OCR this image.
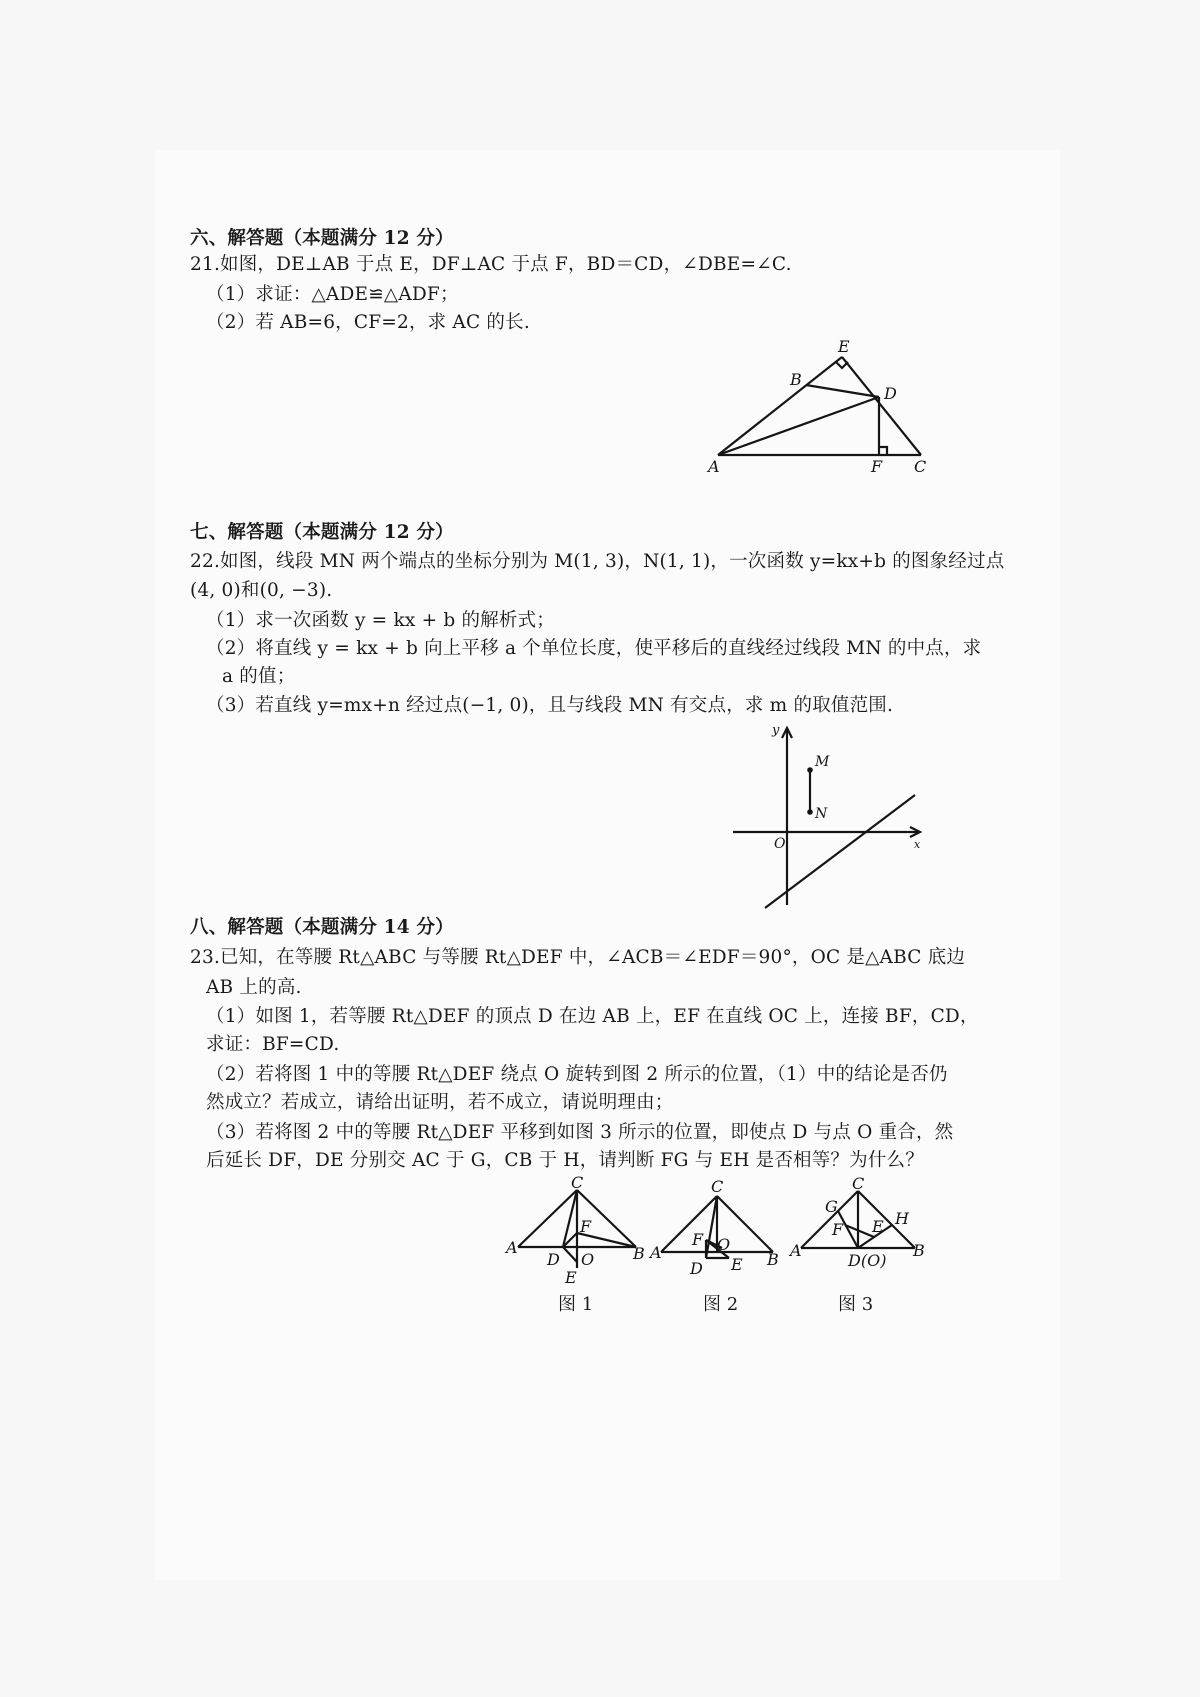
六、解答题（本题满分 12 分）
21.如图，DE⊥AB 于点 E，DF⊥AC 于点 F，BD＝CD，∠DBE=∠C.
（1）求证：△ADE≌△ADF；
（2）若 AB=6，CF=2，求 AC 的长.
E
B
D
A	F C
七、解答题（本题满分 12 分）
22.如图，线段 MN 两个端点的坐标分别为 M(1, 3)，N(1, 1)，一次函数 y=kx+b 的图象经过点
(4, 0)和(0, −3).
（1）求一次函数 y = kx + b 的解析式；
（2）将直线 y = kx + b 向上平移 a 个单位长度，使平移后的直线经过线段 MN 的中点，求
a 的值；
（3）若直线 y=mx+n 经过点(−1, 0)，且与线段 MN 有交点，求 m 的取值范围.
y
M
N
O	x
八、解答题（本题满分 14 分）
23.已知，在等腰 Rt△ABC 与等腰 Rt△DEF 中，∠ACB＝∠EDF＝90°，OC 是△ABC 底边
AB 上的高.
（1）如图 1，若等腰 Rt△DEF 的顶点 D 在边 AB 上，EF 在直线 OC 上，连接 BF，CD，
求证：BF=CD.
（2）若将图 1 中的等腰 Rt△DEF 绕点 O 旋转到图 2 所示的位置，（1）中的结论是否仍
然成立？若成立，请给出证明，若不成立，请说明理由；
（3）若将图 2 中的等腰 Rt△DEF 平移到如图 3 所示的位置，即使点 D 与点 O 重合，然
后延长 DF，DE 分别交 AC 于 G，CB 于 H，请判断 FG 与 EH 是否相等？为什么？
C
F
A
D O B
E
图 1
C
F O
A
D E B
图 2
C
G
H
E
F
A
D(O)
B
图 3
